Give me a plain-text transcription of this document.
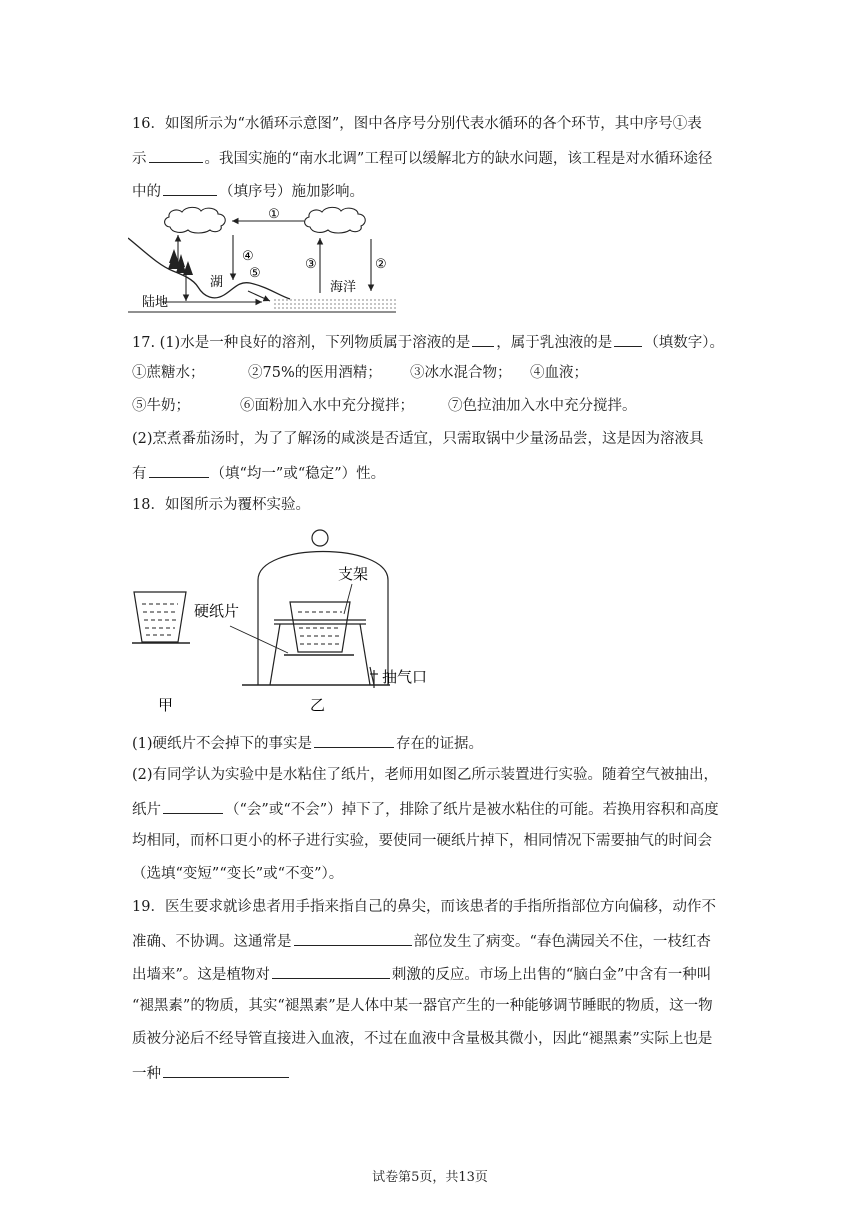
16．如图所示为“水循环示意图”，图中各序号分别代表水循环的各个环节，其中序号①表
示	。我国实施的“南水北调”工程可以缓解北方的缺水问题，该工程是对水循环途径
中的	（填序号）施加影响。
①
④
⑤
③	②
湖
陆地
海洋
17. (1)水是一种良好的溶剂，下列物质属于溶液的是 ，属于乳浊液的是 （填数字）。
①蔗糖水；	②75%的医用酒精； ③冰水混合物； ④血液；
⑤牛奶；	⑥面粉加入水中充分搅拌； ⑦色拉油加入水中充分搅拌。
(2)烹煮番茄汤时，为了了解汤的咸淡是否适宜，只需取锅中少量汤品尝，这是因为溶液具
有	（填“均一”或“稳定”）性。
18．如图所示为覆杯实验。
硬纸片
支架
抽气口
甲	乙
(1)硬纸片不会掉下的事实是	存在的证据。
(2)有同学认为实验中是水粘住了纸片，老师用如图乙所示装置进行实验。随着空气被抽出，
纸片	（“会”或“不会”）掉下了，排除了纸片是被水粘住的可能。若换用容积和高度
均相同，而杯口更小的杯子进行实验，要使同一硬纸片掉下，相同情况下需要抽气的时间会
（选填“变短”“变长”或“不变”）。
19．医生要求就诊患者用手指来指自己的鼻尖，而该患者的手指所指部位方向偏移，动作不
准确、不协调。这通常是	部位发生了病变。“春色满园关不住，一枝红杏
出墙来”。这是植物对	刺激的反应。市场上出售的“脑白金”中含有一种叫
“褪黑素”的物质，其实“褪黑素”是人体中某一器官产生的一种能够调节睡眠的物质，这一物
质被分泌后不经导管直接进入血液，不过在血液中含量极其微小，因此“褪黑素”实际上也是
一种
试卷第5页，共13页
